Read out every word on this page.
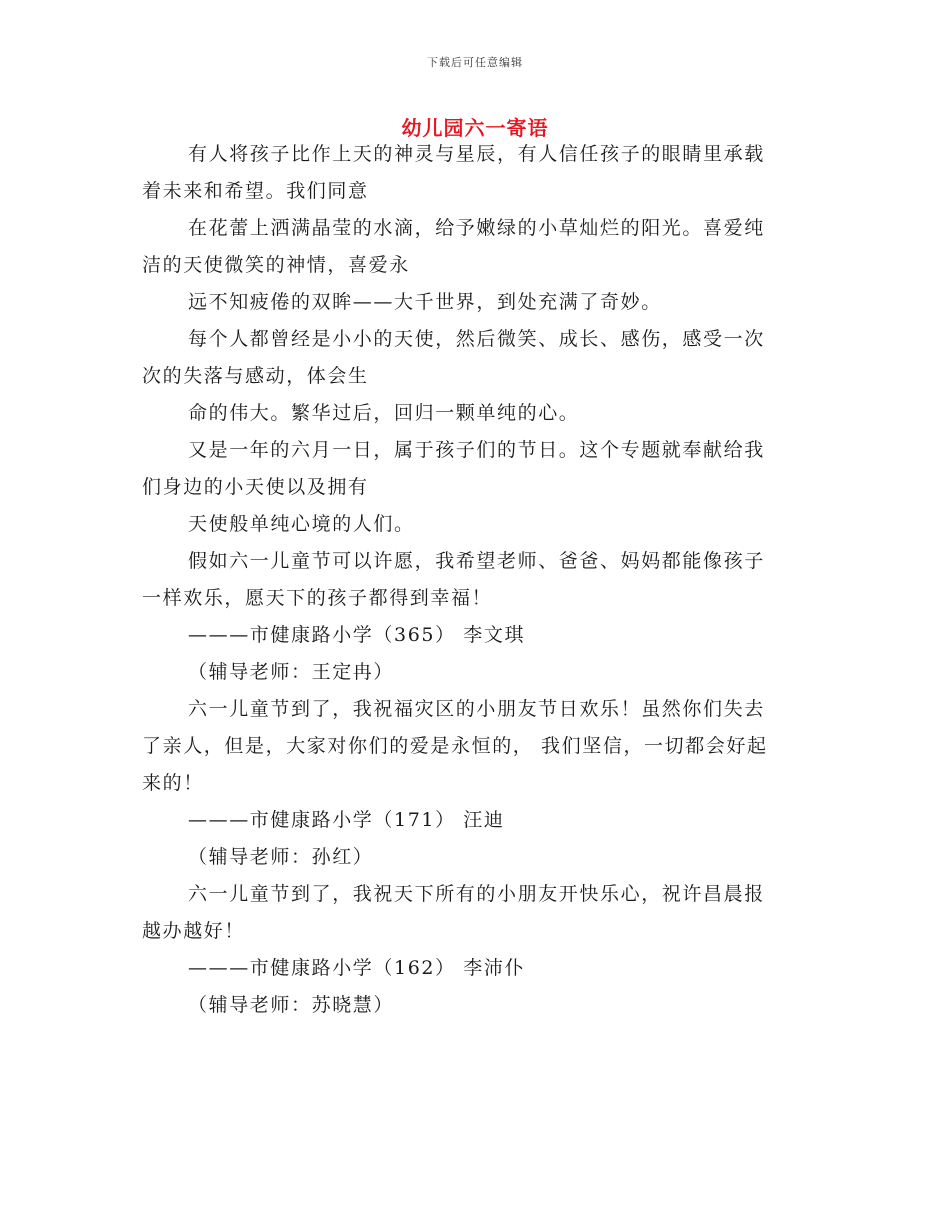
下载后可任意编辑
幼儿园六一寄语

有人将孩子比作上天的神灵与星辰，有人信任孩子的眼睛里承载

着未来和希望。我们同意

在花蕾上洒满晶莹的水滴，给予嫩绿的小草灿烂的阳光。喜爱纯

洁的天使微笑的神情，喜爱永

远不知疲倦的双眸——大千世界，到处充满了奇妙。

每个人都曾经是小小的天使，然后微笑、成长、感伤，感受一次

次的失落与感动，体会生

命的伟大。繁华过后，回归一颗单纯的心。

又是一年的六月一日，属于孩子们的节日。这个专题就奉献给我

们身边的小天使以及拥有

天使般单纯心境的人们。

假如六一儿童节可以许愿，我希望老师、爸爸、妈妈都能像孩子

一样欢乐，愿天下的孩子都得到幸福！

———市健康路小学（365） 李文琪

（辅导老师：王定冉）

六一儿童节到了，我祝福灾区的小朋友节日欢乐！虽然你们失去

了亲人，但是，大家对你们的爱是永恒的， 我们坚信，一切都会好起

来的！

———市健康路小学（171） 汪迪

（辅导老师：孙红）

六一儿童节到了，我祝天下所有的小朋友开快乐心，祝许昌晨报

越办越好！

———市健康路小学（162） 李沛仆

（辅导老师：苏晓慧）
